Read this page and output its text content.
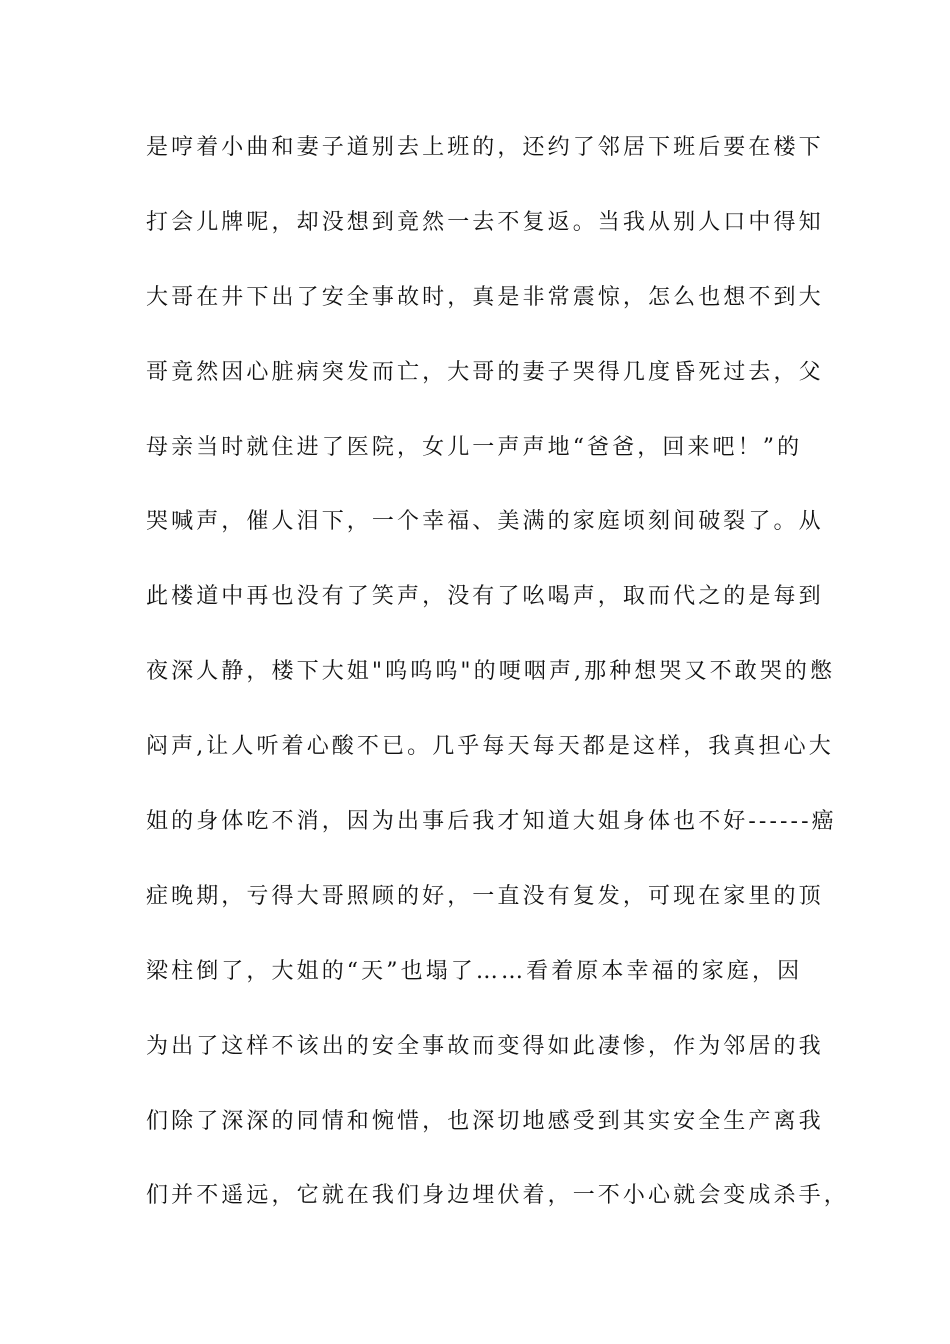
是哼着小曲和妻子道别去上班的，还约了邻居下班后要在楼下
打会儿牌呢，却没想到竟然一去不复返。当我从别人口中得知
大哥在井下出了安全事故时，真是非常震惊，怎么也想不到大
哥竟然因心脏病突发而亡，大哥的妻子哭得几度昏死过去，父
母亲当时就住进了医院，女儿一声声地“爸爸，回来吧！”的
哭喊声，催人泪下，一个幸福、美满的家庭顷刻间破裂了。从
此楼道中再也没有了笑声，没有了吆喝声，取而代之的是每到
夜深人静，楼下大姐"呜呜呜"的哽咽声,那种想哭又不敢哭的憋
闷声,让人听着心酸不已。几乎每天每天都是这样，我真担心大
姐的身体吃不消，因为出事后我才知道大姐身体也不好------癌
症晚期，亏得大哥照顾的好，一直没有复发，可现在家里的顶
梁柱倒了，大姐的“天”也塌了……看着原本幸福的家庭，因
为出了这样不该出的安全事故而变得如此凄惨，作为邻居的我
们除了深深的同情和惋惜，也深切地感受到其实安全生产离我
们并不遥远，它就在我们身边埋伏着，一不小心就会变成杀手，
